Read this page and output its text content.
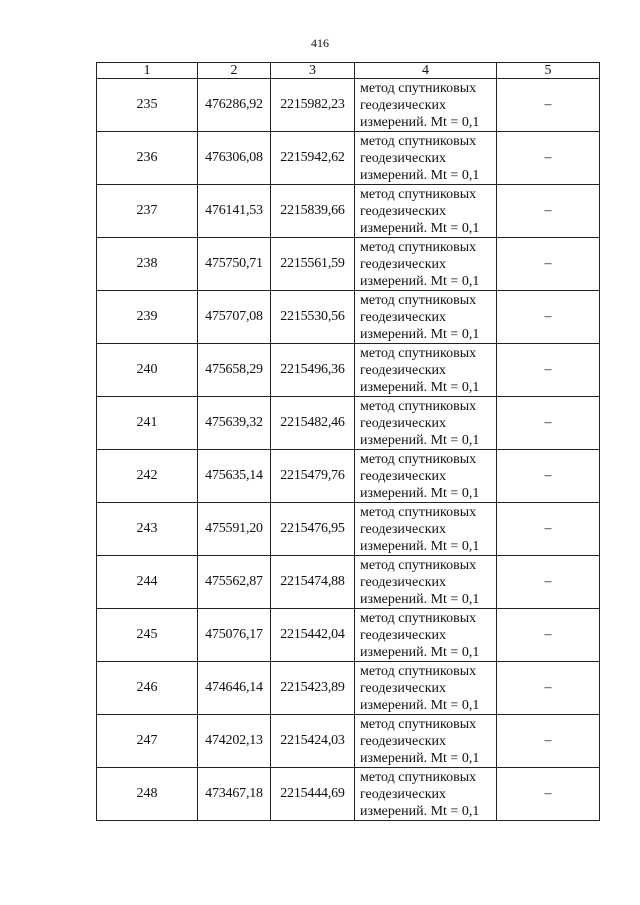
416
1	2	3	4	5
235	476286,92	2215982,23	метод спутниковых
геодезических
измерений. Mt = 0,1	–
236	476306,08	2215942,62	метод спутниковых
геодезических
измерений. Mt = 0,1	–
237	476141,53	2215839,66	метод спутниковых
геодезических
измерений. Mt = 0,1	–
238	475750,71	2215561,59	метод спутниковых
геодезических
измерений. Mt = 0,1	–
239	475707,08	2215530,56	метод спутниковых
геодезических
измерений. Mt = 0,1	–
240	475658,29	2215496,36	метод спутниковых
геодезических
измерений. Mt = 0,1	–
241	475639,32	2215482,46	метод спутниковых
геодезических
измерений. Mt = 0,1	–
242	475635,14	2215479,76	метод спутниковых
геодезических
измерений. Mt = 0,1	–
243	475591,20	2215476,95	метод спутниковых
геодезических
измерений. Mt = 0,1	–
244	475562,87	2215474,88	метод спутниковых
геодезических
измерений. Mt = 0,1	–
245	475076,17	2215442,04	метод спутниковых
геодезических
измерений. Mt = 0,1	–
246	474646,14	2215423,89	метод спутниковых
геодезических
измерений. Mt = 0,1	–
247	474202,13	2215424,03	метод спутниковых
геодезических
измерений. Mt = 0,1	–
248	473467,18	2215444,69	метод спутниковых
геодезических
измерений. Mt = 0,1	–
